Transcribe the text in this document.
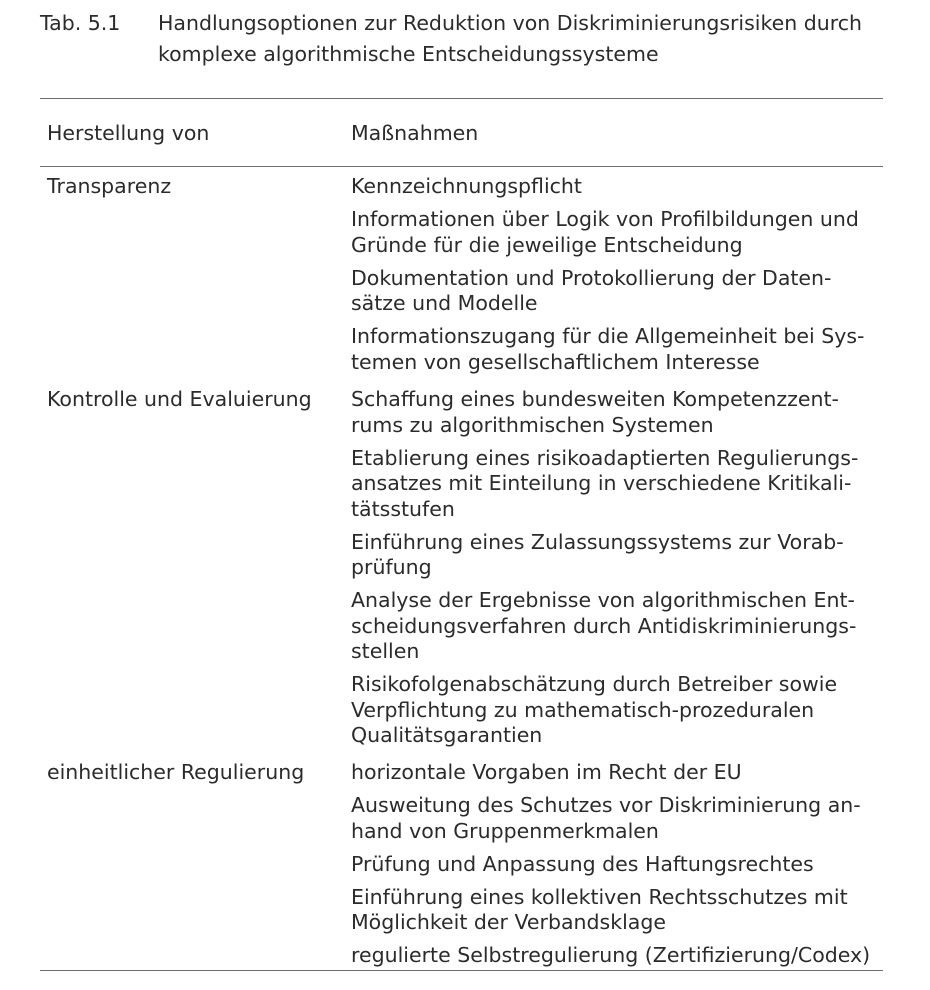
Tab. 5.1 Handlungsoptionen zur Reduktion von Diskriminierungsrisiken durch
komplexe algorithmische Entscheidungssysteme
Herstellung von	Maßnahmen
Transparenz	Kennzeichnungspflicht
Informationen über Logik von Profilbildungen und
Gründe für die jeweilige Entscheidung
Dokumentation und Protokollierung der Daten-
sätze und Modelle
Informationszugang für die Allgemeinheit bei Sys-
temen von gesellschaftlichem Interesse
Kontrolle und Evaluierung Schaffung eines bundesweiten Kompetenzzent-
rums zu algorithmischen Systemen
Etablierung eines risikoadaptierten Regulierungs-
ansatzes mit Einteilung in verschiedene Kritikali-
tätsstufen
Einführung eines Zulassungssystems zur Vorab-
prüfung
Analyse der Ergebnisse von algorithmischen Ent-
scheidungsverfahren durch Antidiskriminierungs-
stellen
Risikofolgenabschätzung durch Betreiber sowie
Verpflichtung zu mathematisch-prozeduralen
Qualitätsgarantien
einheitlicher Regulierung horizontale Vorgaben im Recht der EU
Ausweitung des Schutzes vor Diskriminierung an-
hand von Gruppenmerkmalen
Prüfung und Anpassung des Haftungsrechtes
Einführung eines kollektiven Rechtsschutzes mit
Möglichkeit der Verbandsklage
regulierte Selbstregulierung (Zertifizierung/Codex)
